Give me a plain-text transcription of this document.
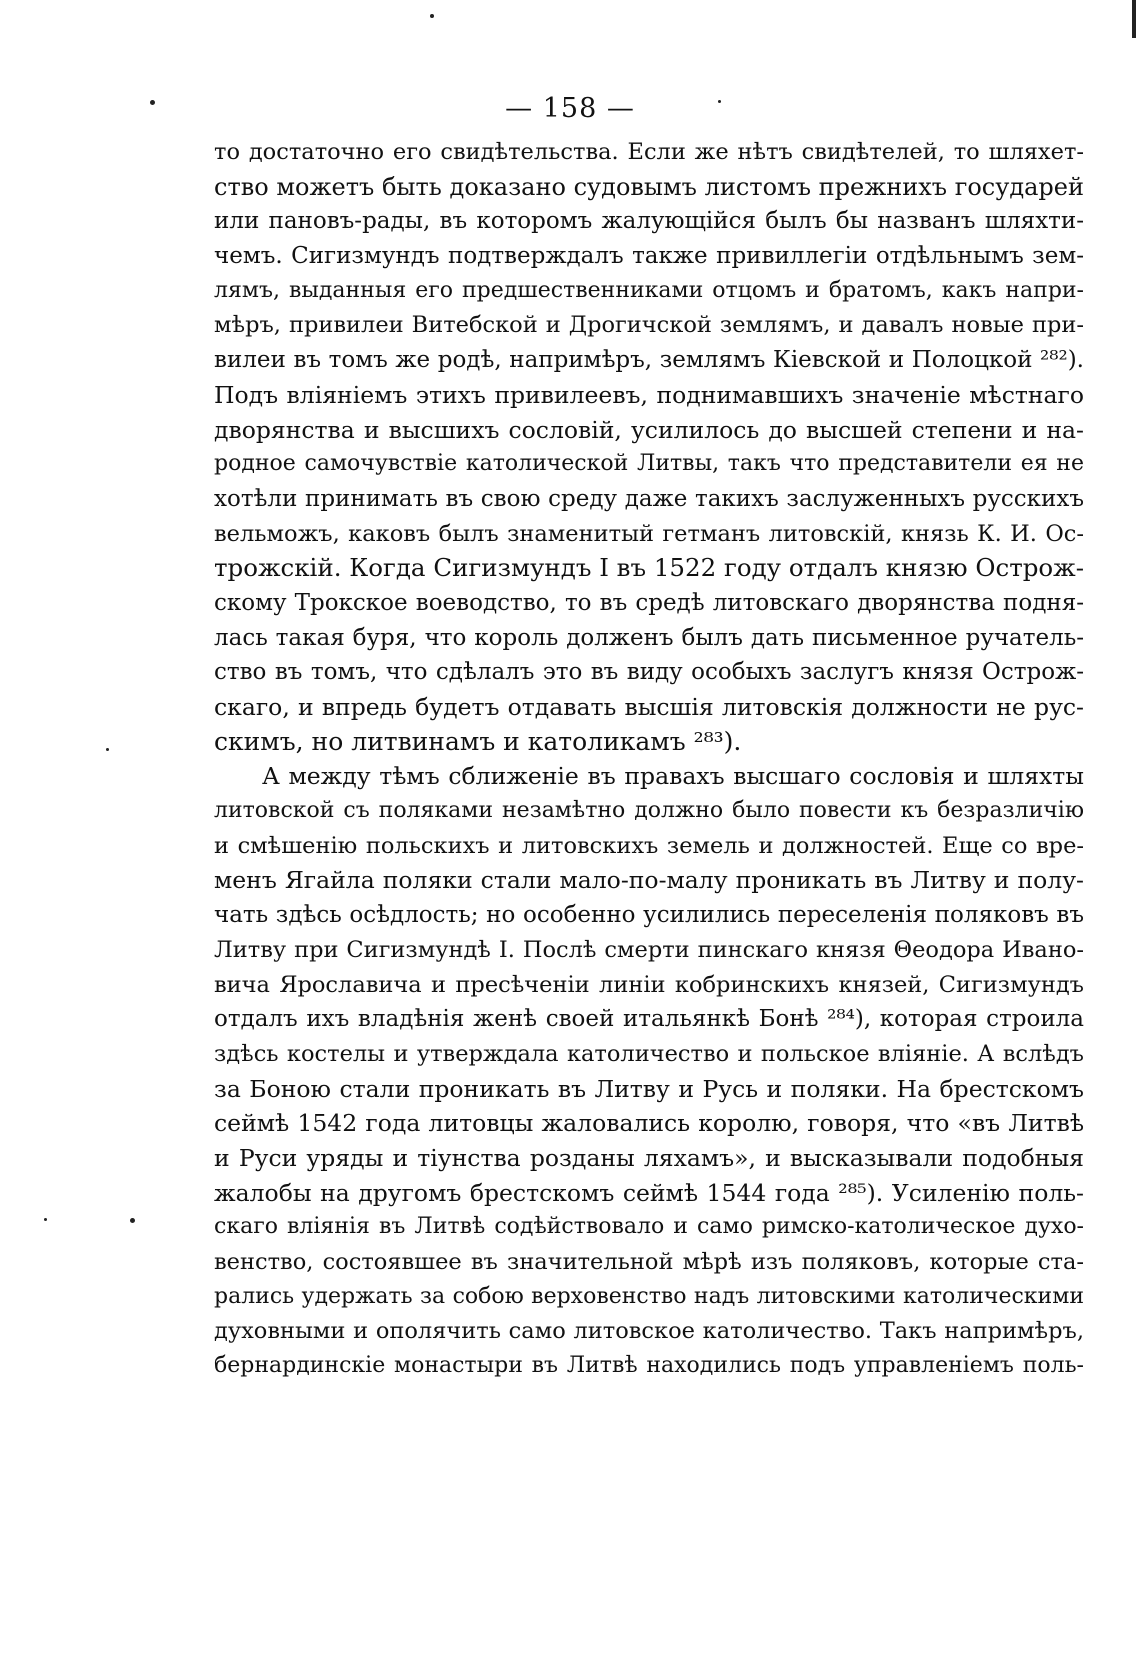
— 158 —
то достаточно его свидѣтельства. Если же нѣтъ свидѣтелей, то шляхет-
ство можетъ быть доказано судовымъ листомъ прежнихъ государей
или пановъ-рады, въ которомъ жалующійся былъ бы названъ шляхти-
чемъ. Сигизмундъ подтверждалъ также привиллегіи отдѣльнымъ зем-
лямъ, выданныя его предшественниками отцомъ и братомъ, какъ напри-
мѣръ, привилеи Витебской и Дрогичской землямъ, и давалъ новые при-
вилеи въ томъ же родѣ, напримѣръ, землямъ Кіевской и Полоцкой ²⁸²).
Подъ вліяніемъ этихъ привилеевъ, поднимавшихъ значеніе мѣстнаго
дворянства и высшихъ сословій, усилилось до высшей степени и на-
родное самочувствіе католической Литвы, такъ что представители ея не
хотѣли принимать въ свою среду даже такихъ заслуженныхъ русскихъ
вельможъ, каковъ былъ знаменитый гетманъ литовскій, князь К. И. Ос-
трожскій. Когда Сигизмундъ I въ 1522 году отдалъ князю Острож-
скому Трокское воеводство, то въ средѣ литовскаго дворянства подня-
лась такая буря, что король долженъ былъ дать письменное ручатель-
ство въ томъ, что сдѣлалъ это въ виду особыхъ заслугъ князя Острож-
скаго, и впредь будетъ отдавать высшія литовскія должности не рус-
скимъ, но литвинамъ и католикамъ ²⁸³).
А между тѣмъ сближеніе въ правахъ высшаго сословія и шляхты
литовской съ поляками незамѣтно должно было повести къ безразличію
и смѣшенію польскихъ и литовскихъ земель и должностей. Еще со вре-
менъ Ягайла поляки стали мало-по-малу проникать въ Литву и полу-
чать здѣсь осѣдлость; но особенно усилились переселенія поляковъ въ
Литву при Сигизмундѣ I. Послѣ смерти пинскаго князя Θеодора Ивано-
вича Ярославича и пресѣченіи линіи кобринскихъ князей, Сигизмундъ
отдалъ ихъ владѣнія женѣ своей итальянкѣ Бонѣ ²⁸⁴), которая строила
здѣсь костелы и утверждала католичество и польское вліяніе. А вслѣдъ
за Боною стали проникать въ Литву и Русь и поляки. На брестскомъ
сеймѣ 1542 года литовцы жаловались королю, говоря, что «въ Литвѣ
и Руси уряды и тіунства розданы ляхамъ», и высказывали подобныя
жалобы на другомъ брестскомъ сеймѣ 1544 года ²⁸⁵). Усиленію поль-
скаго вліянія въ Литвѣ содѣйствовало и само римско-католическое духо-
венство, состоявшее въ значительной мѣрѣ изъ поляковъ, которые ста-
рались удержать за собою верховенство надъ литовскими католическими
духовными и ополячить само литовское католичество. Такъ напримѣръ,
бернардинскіе монастыри въ Литвѣ находились подъ управленіемъ поль-
